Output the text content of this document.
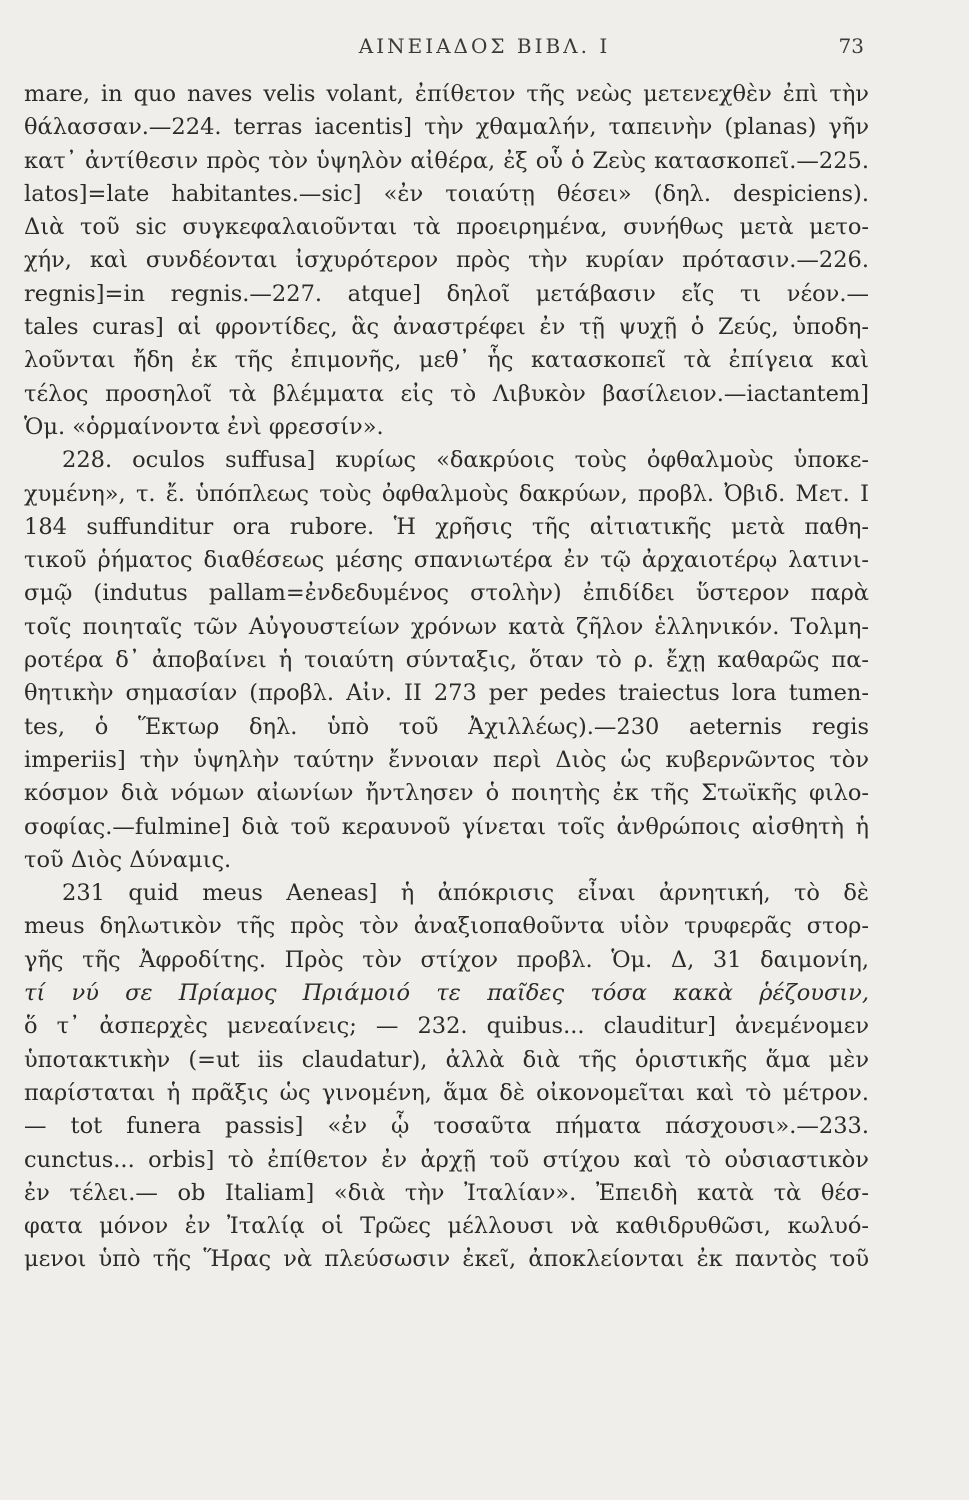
ΑΙΝΕΙΑΔΟΣ ΒΙΒΛ. Ι	73
mare, in quo naves velis volant, ἐπίθετον τῆς νεὼς μετενεχθὲν ἐπὶ τὴν
θάλασσαν.—224. terras iacentis] τὴν χθαμαλήν, ταπεινὴν (planas) γῆν
κατ᾽ ἀντίθεσιν πρὸς τὸν ὑψηλὸν αἰθέρα, ἐξ οὗ ὁ Ζεὺς κατασκοπεῖ.—225.
latos]=late habitantes.—sic] «ἐν τοιαύτῃ θέσει» (δηλ. despiciens).
Διὰ τοῦ sic συγκεφαλαιοῦνται τὰ προειρημένα, συνήθως μετὰ μετο-
χήν, καὶ συνδέονται ἰσχυρότερον πρὸς τὴν κυρίαν πρότασιν.—226.
regnis]=in regnis.—227. atque] δηλοῖ μετάβασιν εἴς τι νέον.—
tales curas] αἱ φροντίδες, ἃς ἀναστρέφει ἐν τῇ ψυχῇ ὁ Ζεύς, ὑποδη-
λοῦνται ἤδη ἐκ τῆς ἐπιμονῆς, μεθ᾽ ἧς κατασκοπεῖ τὰ ἐπίγεια καὶ
τέλος προσηλοῖ τὰ βλέμματα εἰς τὸ Λιβυκὸν βασίλειον.—iactantem]
Ὁμ. «ὁρμαίνοντα ἐνὶ φρεσσίν».
228. oculos suffusa] κυρίως «δακρύοις τοὺς ὀφθαλμοὺς ὑποκε-
χυμένη», τ. ἔ. ὑπόπλεως τοὺς ὀφθαλμοὺς δακρύων, προβλ. Ὀβιδ. Μετ. I
184 suffunditur ora rubore. Ἡ χρῆσις τῆς αἰτιατικῆς μετὰ παθη-
τικοῦ ῥήματος διαθέσεως μέσης σπανιωτέρα ἐν τῷ ἀρχαιοτέρῳ λατινι-
σμῷ (indutus pallam=ἐνδεδυμένος στολὴν) ἐπιδίδει ὕστερον παρὰ
τοῖς ποιηταῖς τῶν Αὐγουστείων χρόνων κατὰ ζῆλον ἑλληνικόν. Τολμη-
ροτέρα δ᾽ ἀποβαίνει ἡ τοιαύτη σύνταξις, ὅταν τὸ ρ. ἔχῃ καθαρῶς πα-
θητικὴν σημασίαν (προβλ. Αἰν. II 273 per pedes traiectus lora tumen-
tes, ὁ Ἕκτωρ δηλ. ὑπὸ τοῦ Ἀχιλλέως).—230 aeternis regis
imperiis] τὴν ὑψηλὴν ταύτην ἔννοιαν περὶ Διὸς ὡς κυβερνῶντος τὸν
κόσμον διὰ νόμων αἰωνίων ἤντλησεν ὁ ποιητὴς ἐκ τῆς Στωϊκῆς φιλο-
σοφίας.—fulmine] διὰ τοῦ κεραυνοῦ γίνεται τοῖς ἀνθρώποις αἰσθητὴ ἡ
τοῦ Διὸς Δύναμις.
231 quid meus Aeneas] ἡ ἀπόκρισις εἶναι ἀρνητική, τὸ δὲ
meus δηλωτικὸν τῆς πρὸς τὸν ἀναξιοπαθοῦντα υἱὸν τρυφερᾶς στορ-
γῆς τῆς Ἀφροδίτης. Πρὸς τὸν στίχον προβλ. Ὁμ. Δ, 31 δαιμονίη,
τί νύ σε Πρίαμος Πριάμοιό τε παῖδες τόσα κακὰ ῥέζουσιν,
ὅ τ᾽ ἀσπερχὲς μενεαίνεις; — 232. quibus... clauditur] ἀνεμένομεν
ὑποτακτικὴν (=ut iis claudatur), ἀλλὰ διὰ τῆς ὁριστικῆς ἅμα μὲν
παρίσταται ἡ πρᾶξις ὡς γινομένη, ἅμα δὲ οἰκονομεῖται καὶ τὸ μέτρον.
— tot funera passis] «ἐν ᾧ τοσαῦτα πήματα πάσχουσι».—233.
cunctus... orbis] τὸ ἐπίθετον ἐν ἀρχῇ τοῦ στίχου καὶ τὸ οὐσιαστικὸν
ἐν τέλει.— ob Italiam] «διὰ τὴν Ἰταλίαν». Ἐπειδὴ κατὰ τὰ θέσ-
φατα μόνον ἐν Ἰταλίᾳ οἱ Τρῶες μέλλουσι νὰ καθιδρυθῶσι, κωλυό-
μενοι ὑπὸ τῆς Ἥρας νὰ πλεύσωσιν ἐκεῖ, ἀποκλείονται ἐκ παντὸς τοῦ
